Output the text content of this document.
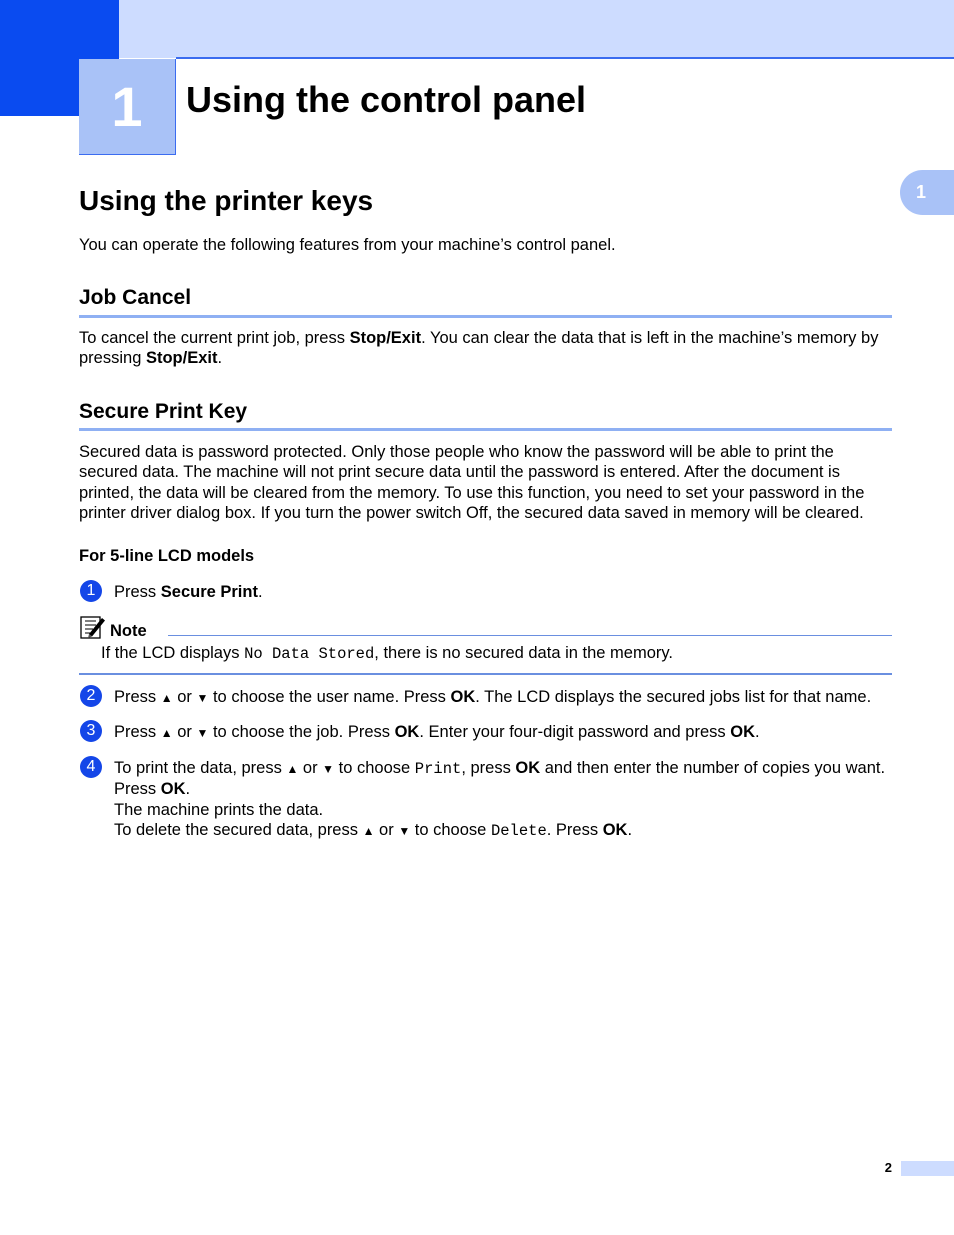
1	Using the control panel
1
Using the printer keys

You can operate the following features from your machine’s control panel.

Job Cancel

To cancel the current print job, press Stop/Exit. You can clear the data that is left in the machine’s memory by pressing Stop/Exit.

Secure Print Key

Secured data is password protected. Only those people who know the password will be able to print the secured data. The machine will not print secure data until the password is entered. After the document is printed, the data will be cleared from the memory. To use this function, you need to set your password in the printer driver dialog box. If you turn the power switch Off, the secured data saved in memory will be cleared.

For 5-line LCD models
1	Press Secure Print.

Note

If the LCD displays No Data Stored, there is no secured data in the memory.

2	Press ▲ or ▼ to choose the user name. Press OK. The LCD displays the secured jobs list for that name.

3	Press ▲ or ▼ to choose the job. Press OK. Enter your four-digit password and press OK.

4	To print the data, press ▲ or ▼ to choose Print, press OK and then enter the number of copies you want.
Press OK.
The machine prints the data.
To delete the secured data, press ▲ or ▼ to choose Delete. Press OK.

2
